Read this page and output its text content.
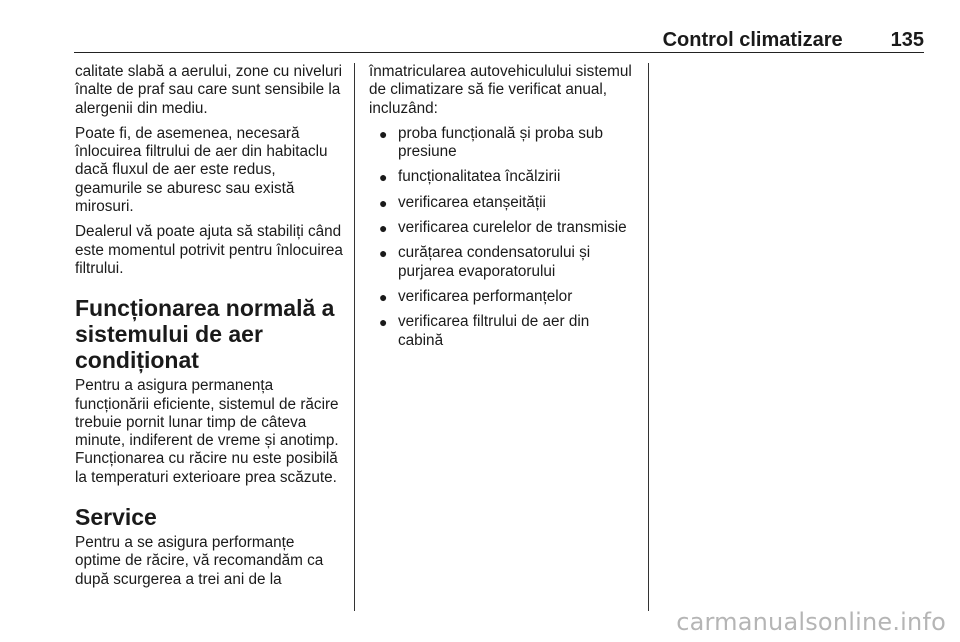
Control climatizare 135

calitate slabă a aerului, zone cu niveluri înalte de praf sau care sunt sensibile la alergenii din mediu.

Poate fi, de asemenea, necesară înlocuirea filtrului de aer din habitaclu dacă fluxul de aer este redus, geamurile se aburesc sau există mirosuri.

Dealerul vă poate ajuta să stabiliți când este momentul potrivit pentru înlocuirea filtrului.

Funcționarea normală a sistemului de aer condiționat

Pentru a asigura permanența funcționării eficiente, sistemul de răcire trebuie pornit lunar timp de câteva minute, indiferent de vreme și anotimp. Funcționarea cu răcire nu este posibilă la temperaturi exterioare prea scăzute.

Service

Pentru a se asigura performanțe optime de răcire, vă recomandăm ca după scurgerea a trei ani de la

înmatricularea autovehiculului sistemul de climatizare să fie verificat anual, incluzând:

● proba funcțională și proba sub presiune
● funcționalitatea încălzirii
● verificarea etanșeității
● verificarea curelelor de transmisie
● curățarea condensatorului și purjarea evaporatorului
● verificarea performanțelor
● verificarea filtrului de aer din cabină
carmanualsonline.info
